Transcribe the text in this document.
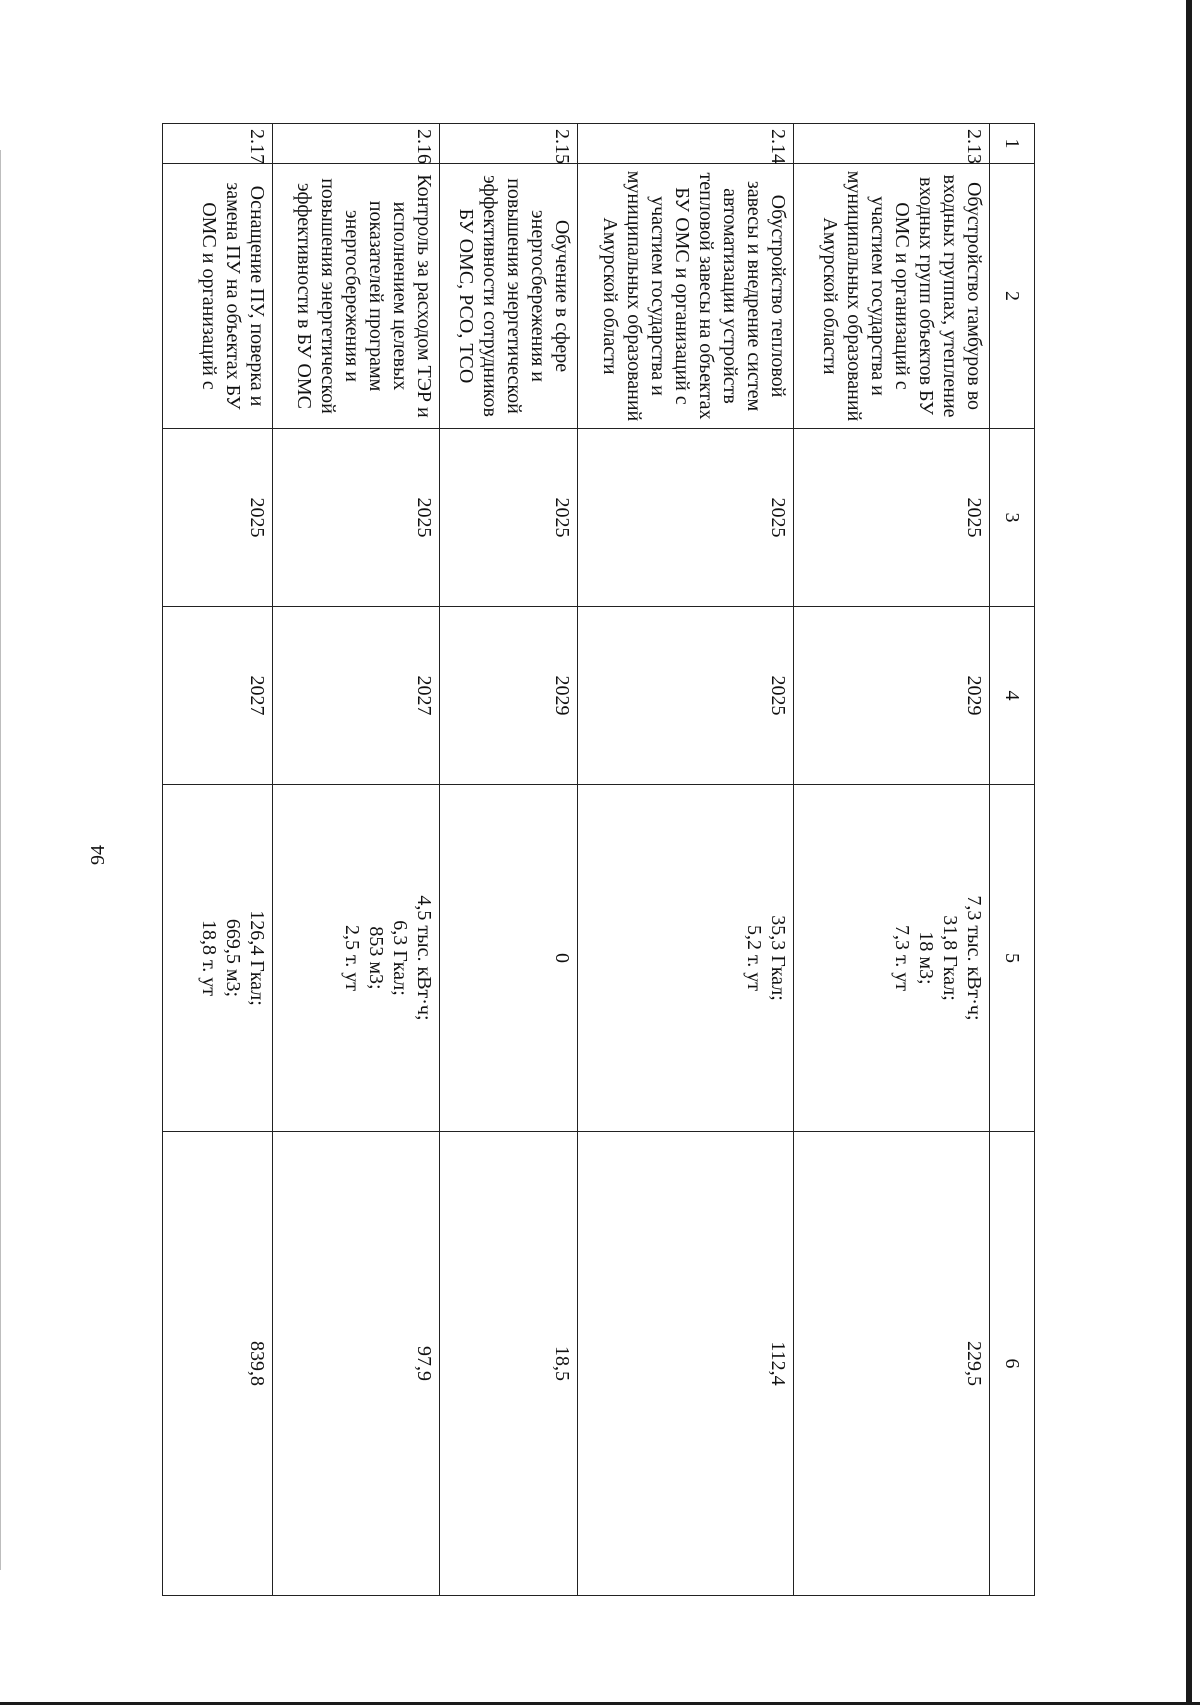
94
1	2	3	4	5	6
2.13	Обустройство тамбуров во входных группах, утепление входных групп объектов БУ ОМС и организаций с участием государства и муниципальных образований Амурской области	2025	2029	7,3 тыс. кВт·ч;
31,8 Гкал;
18 м3;
7,3 т. ут	229,5
2.14	Обустройство тепловой завесы и внедрение систем автоматизации устройств тепловой завесы на объектах БУ ОМС и организаций с участием государства и муниципальных образований Амурской области	2025	2025	35,3 Гкал;
5,2 т. ут	112,4
2.15	Обучение в сфере энергосбережения и повышения энергетической эффективности сотрудников БУ ОМС, РСО, ТСО	2025	2029	0	18,5
2.16	Контроль за расходом ТЭР и исполнением целевых показателей программ энергосбережения и повышения энергетической эффективности в БУ ОМС	2025	2027	4,5 тыс. кВт·ч;
6,3 Гкал;
853 м3;
2,5 т. ут	97,9
2.17	Оснащение ПУ, поверка и замена ПУ на объектах БУ ОМС и организаций с	2025	2027	126,4 Гкал;
669,5 м3;
18,8 т. ут	839,8
